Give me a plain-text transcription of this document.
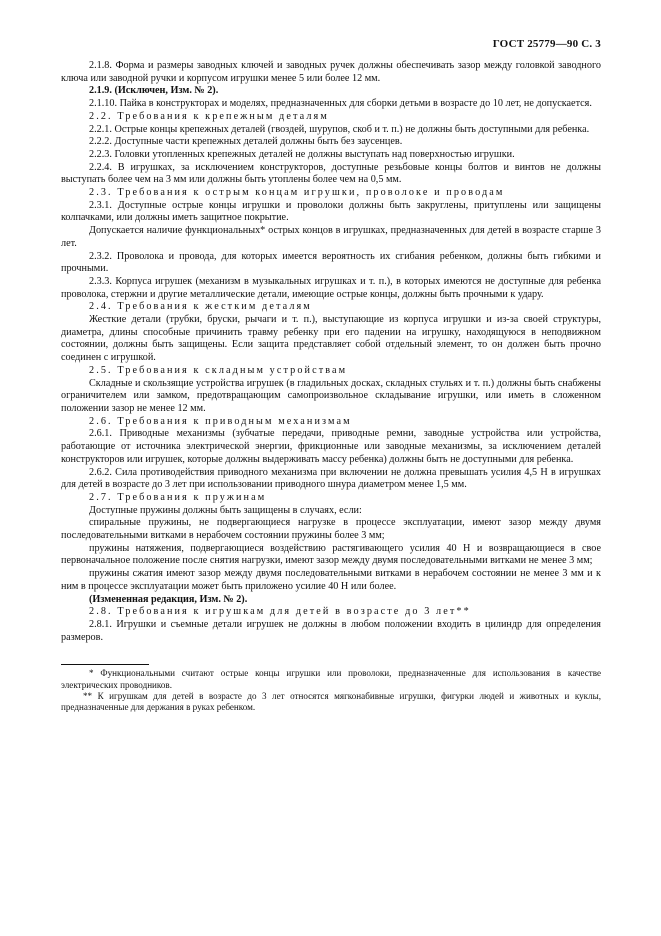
ГОСТ 25779—90 С. 3

2.1.8. Форма и размеры заводных ключей и заводных ручек должны обеспечивать зазор между головкой заводного ключа или заводной ручки и корпусом игрушки менее 5 или более 12 мм.

2.1.9. (Исключен, Изм. № 2).

2.1.10. Пайка в конструкторах и моделях, предназначенных для сборки детьми в возрасте до 10 лет, не допускается.

2.2. Требования к крепежным деталям

2.2.1. Острые концы крепежных деталей (гвоздей, шурупов, скоб и т. п.) не должны быть доступными для ребенка.

2.2.2. Доступные части крепежных деталей должны быть без заусенцев.

2.2.3. Головки утопленных крепежных деталей не должны выступать над поверхностью игрушки.

2.2.4. В игрушках, за исключением конструкторов, доступные резьбовые концы болтов и винтов не должны выступать более чем на 3 мм или должны быть утоплены более чем на 0,5 мм.

2.3. Требования к острым концам игрушки, проволоке и проводам

2.3.1. Доступные острые концы игрушки и проволоки должны быть закруглены, притуплены или защищены колпачками, или должны иметь защитное покрытие.

Допускается наличие функциональных* острых концов в игрушках, предназначенных для детей в возрасте старше 3 лет.

2.3.2. Проволока и провода, для которых имеется вероятность их сгибания ребенком, должны быть гибкими и прочными.

2.3.3. Корпуса игрушек (механизм в музыкальных игрушках и т. п.), в которых имеются не доступные для ребенка проволока, стержни и другие металлические детали, имеющие острые концы, должны быть прочными к удару.

2.4. Требования к жестким деталям

Жесткие детали (трубки, бруски, рычаги и т. п.), выступающие из корпуса игрушки и из-за своей структуры, диаметра, длины способные причинить травму ребенку при его падении на игрушку, находящуюся в неподвижном состоянии, должны быть защищены. Если защита представляет собой отдельный элемент, то он должен быть прочно соединен с игрушкой.

2.5. Требования к складным устройствам

Складные и скользящие устройства игрушек (в гладильных досках, складных стульях и т. п.) должны быть снабжены ограничителем или замком, предотвращающим самопроизвольное складывание игрушки, или иметь в сложенном положении зазор не менее 12 мм.

2.6. Требования к приводным механизмам

2.6.1. Приводные механизмы (зубчатые передачи, приводные ремни, заводные устройства или устройства, работающие от источника электрической энергии, фрикционные или заводные механизмы, за исключением деталей конструкторов или игрушек, которые должны выдерживать массу ребенка) должны быть не доступными для ребенка.

2.6.2. Сила противодействия приводного механизма при включении не должна превышать усилия 4,5 Н в игрушках для детей в возрасте до 3 лет при использовании приводного шнура диаметром менее 1,5 мм.

2.7. Требования к пружинам

Доступные пружины должны быть защищены в случаях, если:

спиральные пружины, не подвергающиеся нагрузке в процессе эксплуатации, имеют зазор между двумя последовательными витками в нерабочем состоянии пружины более 3 мм;

пружины натяжения, подвергающиеся воздействию растягивающего усилия 40 Н и возвращающиеся в свое первоначальное положение после снятия нагрузки, имеют зазор между двумя последовательными витками не менее 3 мм;

пружины сжатия имеют зазор между двумя последовательными витками в нерабочем состоянии не менее 3 мм и к ним в процессе эксплуатации может быть приложено усилие 40 Н или более.

(Измененная редакция, Изм. № 2).

2.8. Требования к игрушкам для детей в возрасте до 3 лет**

2.8.1. Игрушки и съемные детали игрушек не должны в любом положении входить в цилиндр для определения размеров.

* Функциональными считают острые концы игрушки или проволоки, предназначенные для использования в качестве электрических проводников.

** К игрушкам для детей в возрасте до 3 лет относятся мягконабивные игрушки, фигурки людей и животных и куклы, предназначенные для держания в руках ребенком.
